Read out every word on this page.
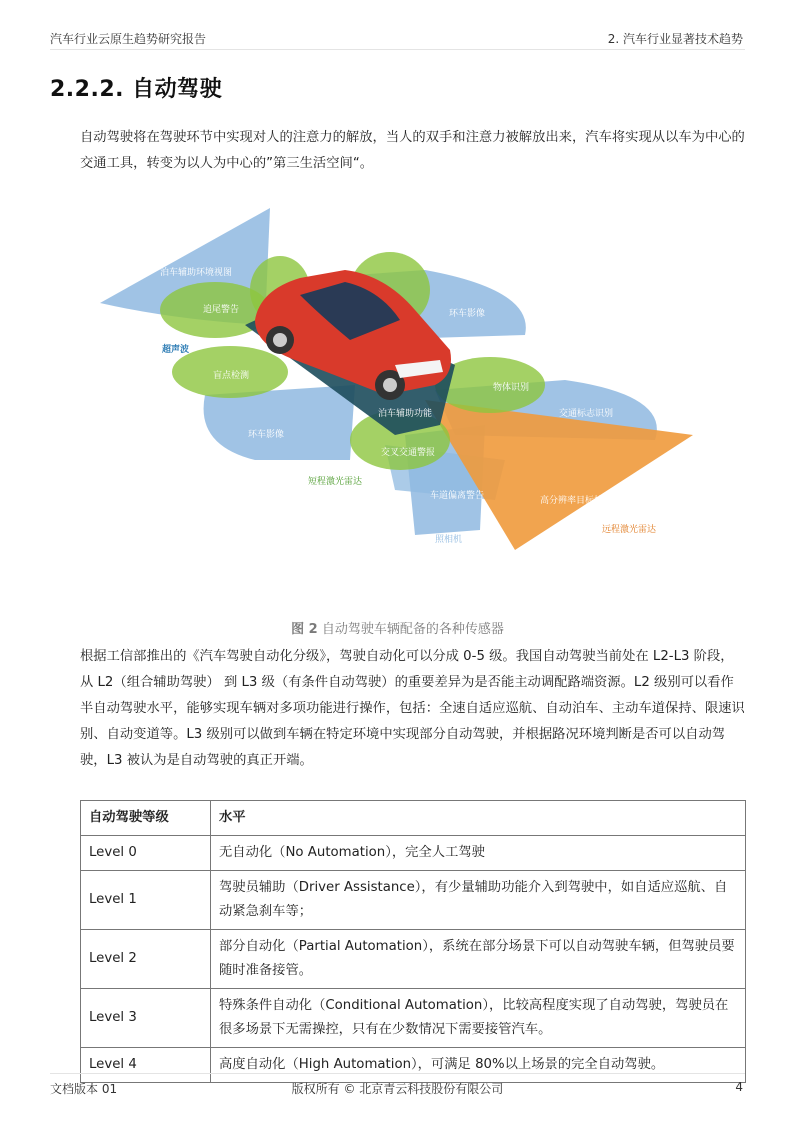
汽车行业云原生趋势研究报告	2. 汽车行业显著技术趋势
2.2.2. 自动驾驶

自动驾驶将在驾驶环节中实现对人的注意力的解放，当人的双手和注意力被解放出来，汽车将实现从以车为中心的交通工具，转变为以人为中心的”第三生活空间“。

泊车辅助环境视图
追尾警告
超声波
盲点检测
环车影像
环车影像
短程激光雷达
泊车辅助功能
交叉交通警报
物体识别
交通标志识别
车道偏离警告	高分辨率目标检测
照相机
远程激光雷达
图 2 自动驾驶车辆配备的各种传感器

根据工信部推出的《汽车驾驶自动化分级》，驾驶自动化可以分成 0-5 级。我国自动驾驶当前处在 L2-L3 阶段，从 L2（组合辅助驾驶） 到 L3 级（有条件自动驾驶）的重要差异为是否能主动调配路端资源。L2 级别可以看作半自动驾驶水平，能够实现车辆对多项功能进行操作，包括：全速自适应巡航、自动泊车、主动车道保持、限速识别、自动变道等。L3 级别可以做到车辆在特定环境中实现部分自动驾驶，并根据路况环境判断是否可以自动驾驶，L3 被认为是自动驾驶的真正开端。

自动驾驶等级	水平
Level 0	无自动化（No Automation），完全人工驾驶
Level 1	驾驶员辅助（Driver Assistance），有少量辅助功能介入到驾驶中，如自适应巡航、自动紧急刹车等；
Level 2	部分自动化（Partial Automation），系统在部分场景下可以自动驾驶车辆，但驾驶员要随时准备接管。
Level 3	特殊条件自动化（Conditional Automation），比较高程度实现了自动驾驶，驾驶员在很多场景下无需操控，只有在少数情况下需要接管汽车。
Level 4	高度自动化（High Automation），可满足 80%以上场景的完全自动驾驶。
文档版本 01	版权所有 © 北京青云科技股份有限公司	4
